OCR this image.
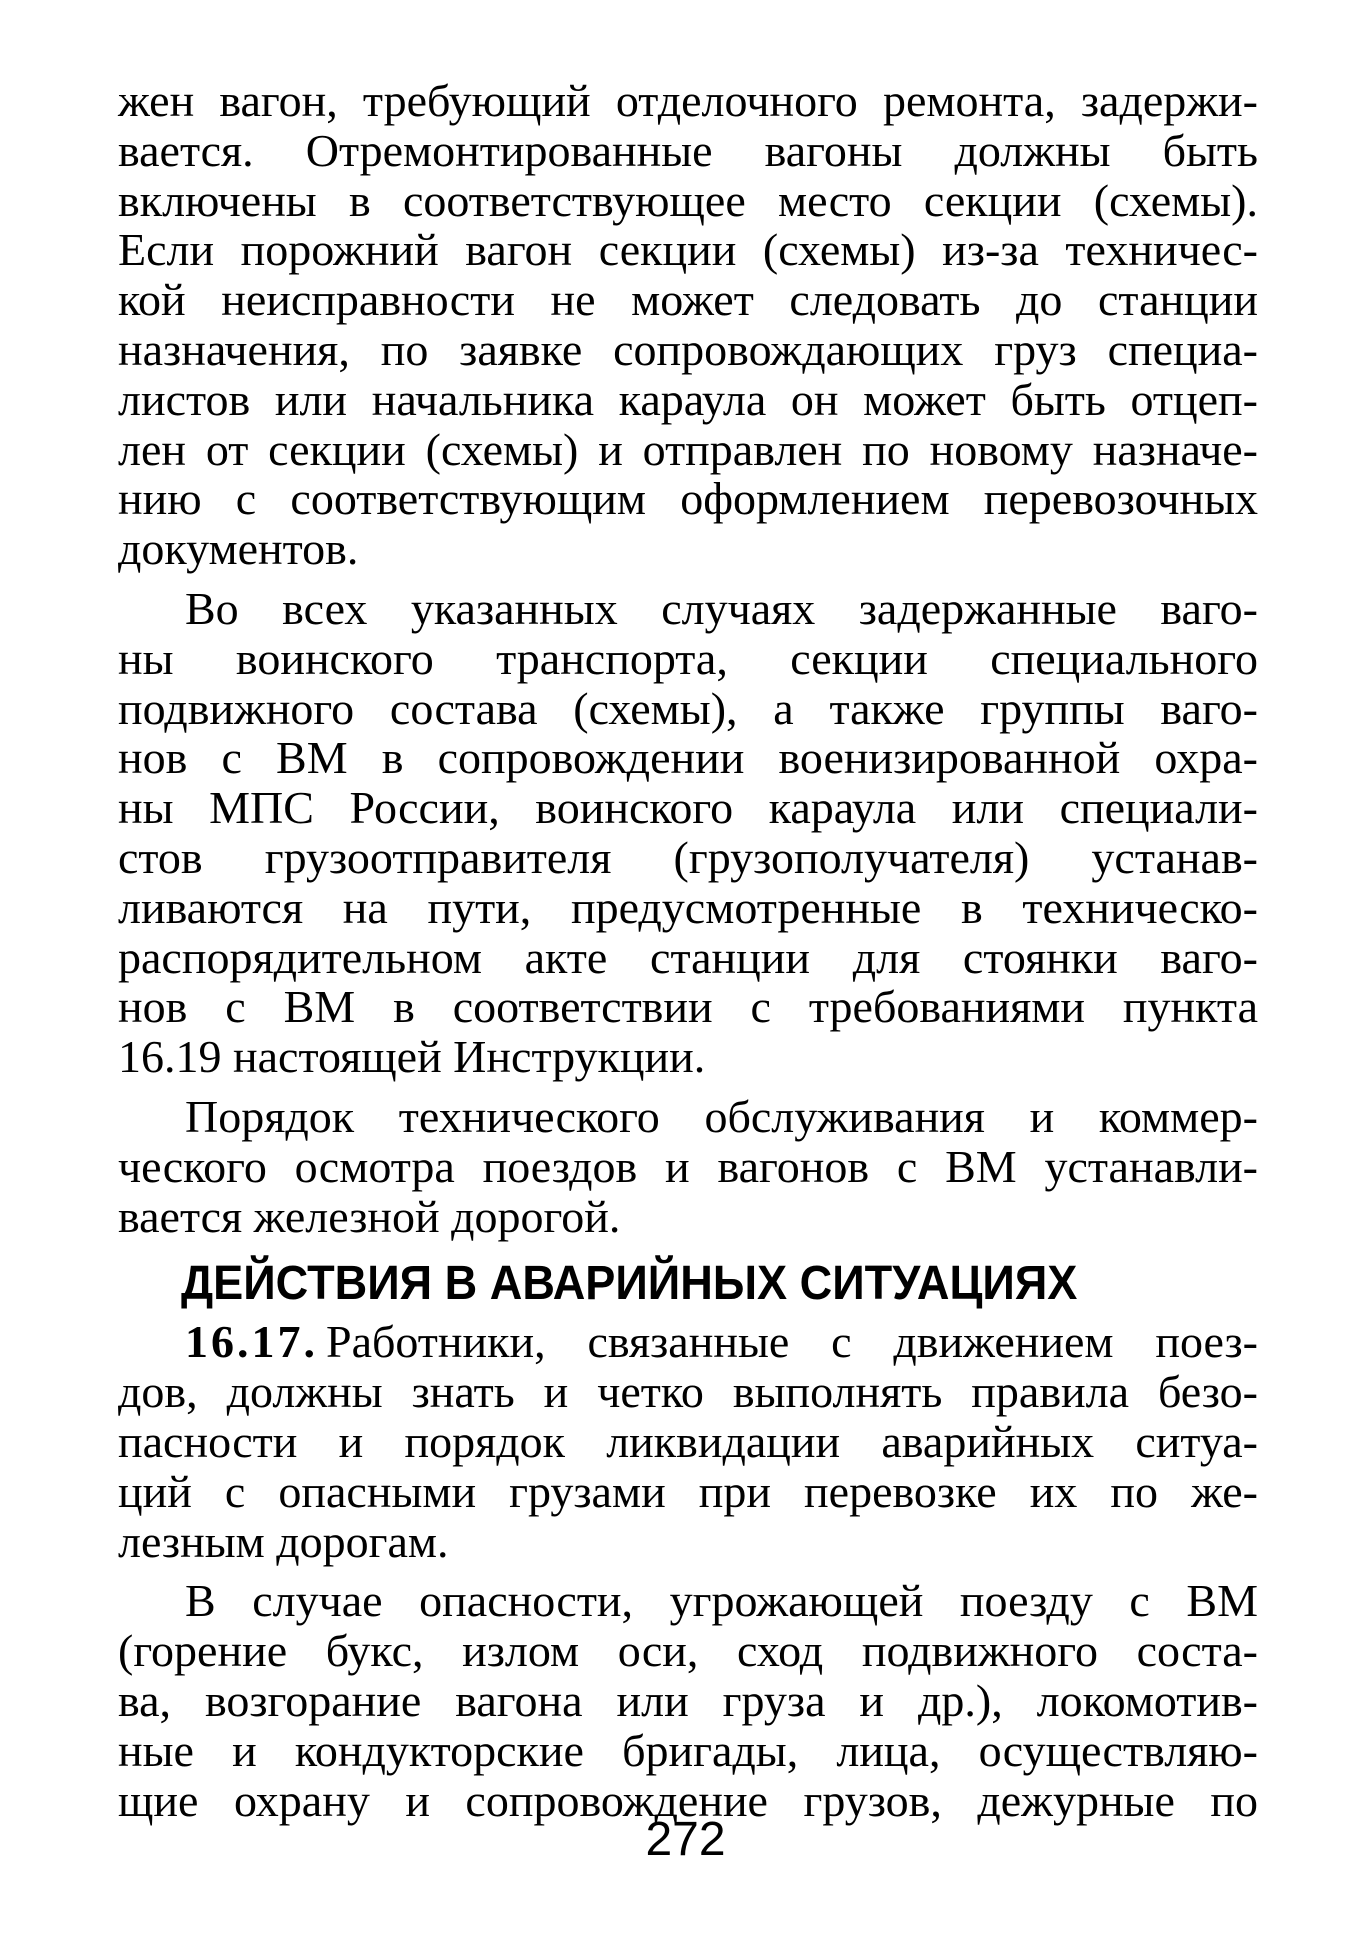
жен вагон, требующий отделочного ремонта, задержи-
вается. Отремонтированные вагоны должны быть
включены в соответствующее место секции (схемы).
Если порожний вагон секции (схемы) из-за техничес-
кой неисправности не может следовать до станции
назначения, по заявке сопровождающих груз специа-
листов или начальника караула он может быть отцеп-
лен от секции (схемы) и отправлен по новому назначе-
нию с соответствующим оформлением перевозочных
документов.
Во всех указанных случаях задержанные ваго-
ны воинского транспорта, секции специального
подвижного состава (схемы), а также группы ваго-
нов с ВМ в сопровождении военизированной охра-
ны МПС России, воинского караула или специали-
стов грузоотправителя (грузополучателя) устанав-
ливаются на пути, предусмотренные в техническо-
распорядительном акте станции для стоянки ваго-
нов с ВМ в соответствии с требованиями пункта
16.19 настоящей Инструкции.
Порядок технического обслуживания и коммер-
ческого осмотра поездов и вагонов с ВМ устанавли-
вается железной дорогой.
ДЕЙСТВИЯ В АВАРИЙНЫХ СИТУАЦИЯХ
16.17. Работники, связанные с движением поез-
дов, должны знать и четко выполнять правила безо-
пасности и порядок ликвидации аварийных ситуа-
ций с опасными грузами при перевозке их по же-
лезным дорогам.
В случае опасности, угрожающей поезду с ВМ
(горение букс, излом оси, сход подвижного соста-
ва, возгорание вагона или груза и др.), локомотив-
ные и кондукторские бригады, лица, осуществляю-
щие охрану и сопровождение грузов, дежурные по
272
